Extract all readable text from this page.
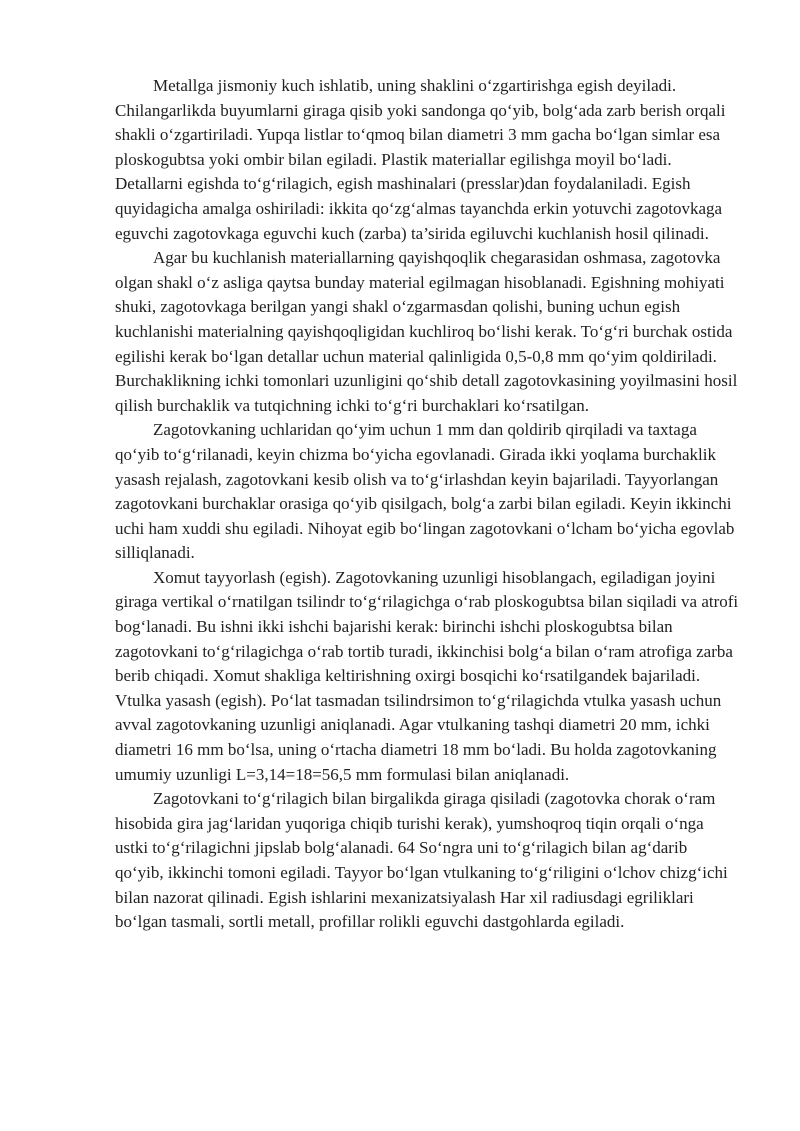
Metallga jismoniy kuch ishlatib, uning shaklini o‘zgartirishga egish deyiladi. Chilangarlikda buyumlarni giraga qisib yoki sandonga qo‘yib, bolg‘ada zarb berish orqali shakli o‘zgartiriladi. Yupqa listlar to‘qmoq bilan diametri 3 mm gacha bo‘lgan simlar esa ploskogubtsa yoki ombir bilan egiladi. Plastik materiallar egilishga moyil bo‘ladi. Detallarni egishda to‘g‘rilagich, egish mashinalari (presslar)dan foydalaniladi. Egish quyidagicha amalga oshiriladi: ikkita qo‘zg‘almas tayanchda erkin yotuvchi zagotovkaga eguvchi zagotovkaga eguvchi kuch (zarba) ta’sirida egiluvchi kuchlanish hosil qilinadi.

Agar bu kuchlanish materiallarning qayishqoqlik chegarasidan oshmasa, zagotovka olgan shakl o‘z asliga qaytsa bunday material egilmagan hisoblanadi. Egishning mohiyati shuki, zagotovkaga berilgan yangi shakl o‘zgarmasdan qolishi, buning uchun egish kuchlanishi materialning qayishqoqligidan kuchliroq bo‘lishi kerak. To‘g‘ri burchak ostida egilishi kerak bo‘lgan detallar uchun material qalinligida 0,5-0,8 mm qo‘yim qoldiriladi. Burchaklikning ichki tomonlari uzunligini qo‘shib detall zagotovkasining yoyilmasini hosil qilish burchaklik va tutqichning ichki to‘g‘ri burchaklari ko‘rsatilgan.

Zagotovkaning uchlaridan qo‘yim uchun 1 mm dan qoldirib qirqiladi va taxtaga qo‘yib to‘g‘rilanadi, keyin chizma bo‘yicha egovlanadi. Girada ikki yoqlama burchaklik yasash rejalash, zagotovkani kesib olish va to‘g‘irlashdan keyin bajariladi. Tayyorlangan zagotovkani burchaklar orasiga qo‘yib qisilgach, bolg‘a zarbi bilan egiladi. Keyin ikkinchi uchi ham xuddi shu egiladi. Nihoyat egib bo‘lingan zagotovkani o‘lcham bo‘yicha egovlab silliqlanadi.

Xomut tayyorlash (egish). Zagotovkaning uzunligi hisoblangach, egiladigan joyini giraga vertikal o‘rnatilgan tsilindr to‘g‘rilagichga o‘rab ploskogubtsa bilan siqiladi va atrofi bog‘lanadi. Bu ishni ikki ishchi bajarishi kerak: birinchi ishchi ploskogubtsa bilan zagotovkani to‘g‘rilagichga o‘rab tortib turadi, ikkinchisi bolg‘a bilan o‘ram atrofiga zarba berib chiqadi. Xomut shakliga keltirishning oxirgi bosqichi ko‘rsatilgandek bajariladi. Vtulka yasash (egish). Po‘lat tasmadan tsilindrsimon to‘g‘rilagichda vtulka yasash uchun avval zagotovkaning uzunligi aniqlanadi. Agar vtulkaning tashqi diametri 20 mm, ichki diametri 16 mm bo‘lsa, uning o‘rtacha diametri 18 mm bo‘ladi. Bu holda zagotovkaning umumiy uzunligi L=3,14=18=56,5 mm formulasi bilan aniqlanadi.

Zagotovkani to‘g‘rilagich bilan birgalikda giraga qisiladi (zagotovka chorak o‘ram hisobida gira jag‘laridan yuqoriga chiqib turishi kerak), yumshoqroq tiqin orqali o‘nga ustki to‘g‘rilagichni jipslab bolg‘alanadi. 64 So‘ngra uni to‘g‘rilagich bilan ag‘darib qo‘yib, ikkinchi tomoni egiladi. Tayyor bo‘lgan vtulkaning to‘g‘riligini o‘lchov chizg‘ichi bilan nazorat qilinadi. Egish ishlarini mexanizatsiyalash Har xil radiusdagi egriliklari bo‘lgan tasmali, sortli metall, profillar rolikli eguvchi dastgohlarda egiladi.
